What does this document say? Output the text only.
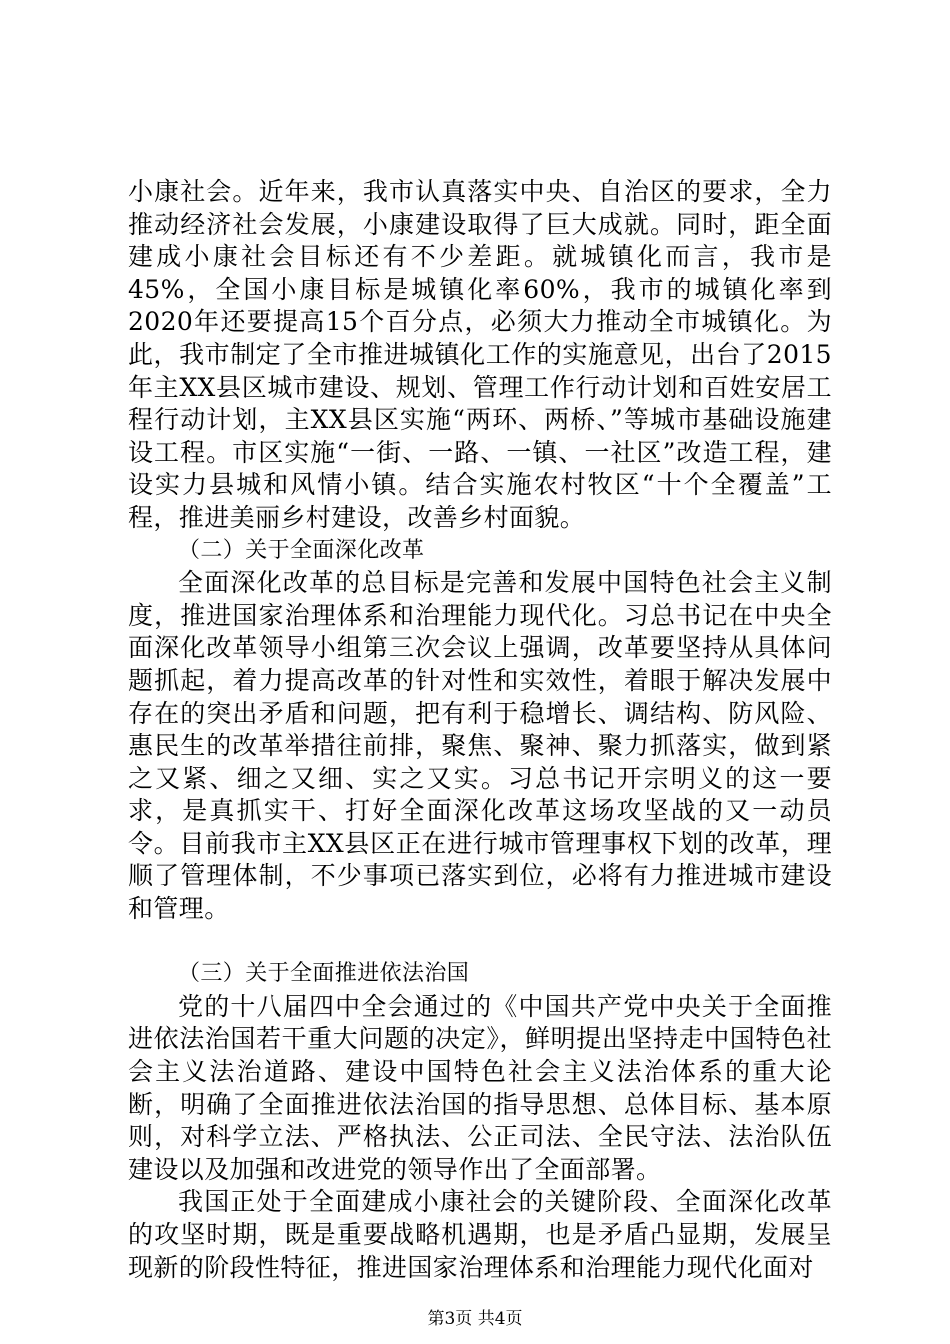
小康社会。近年来，我市认真落实中央、自治区的要求，全力推动经济社会发展，小康建设取得了巨大成就。同时，距全面建成小康社会目标还有不少差距。就城镇化而言，我市是45%，全国小康目标是城镇化率60%，我市的城镇化率到2020年还要提高15个百分点，必须大力推动全市城镇化。为此，我市制定了全市推进城镇化工作的实施意见，出台了2015年主XX县区城市建设、规划、管理工作行动计划和百姓安居工程行动计划，主XX县区实施“两环、两桥、”等城市基础设施建设工程。市区实施“一街、一路、一镇、一社区”改造工程，建设实力县城和风情小镇。结合实施农村牧区“十个全覆盖”工程，推进美丽乡村建设，改善乡村面貌。

（二）关于全面深化改革

全面深化改革的总目标是完善和发展中国特色社会主义制度，推进国家治理体系和治理能力现代化。习总书记在中央全面深化改革领导小组第三次会议上强调，改革要坚持从具体问题抓起，着力提高改革的针对性和实效性，着眼于解决发展中存在的突出矛盾和问题，把有利于稳增长、调结构、防风险、惠民生的改革举措往前排，聚焦、聚神、聚力抓落实，做到紧之又紧、细之又细、实之又实。习总书记开宗明义的这一要求，是真抓实干、打好全面深化改革这场攻坚战的又一动员令。目前我市主XX县区正在进行城市管理事权下划的改革，理顺了管理体制，不少事项已落实到位，必将有力推进城市建设和管理。

（三）关于全面推进依法治国

党的十八届四中全会通过的《中国共产党中央关于全面推进依法治国若干重大问题的决定》，鲜明提出坚持走中国特色社会主义法治道路、建设中国特色社会主义法治体系的重大论断，明确了全面推进依法治国的指导思想、总体目标、基本原则，对科学立法、严格执法、公正司法、全民守法、法治队伍建设以及加强和改进党的领导作出了全面部署。

我国正处于全面建成小康社会的关键阶段、全面深化改革的攻坚时期，既是重要战略机遇期，也是矛盾凸显期，发展呈现新的阶段性特征，推进国家治理体系和治理能力现代化面对

第3页 共4页
